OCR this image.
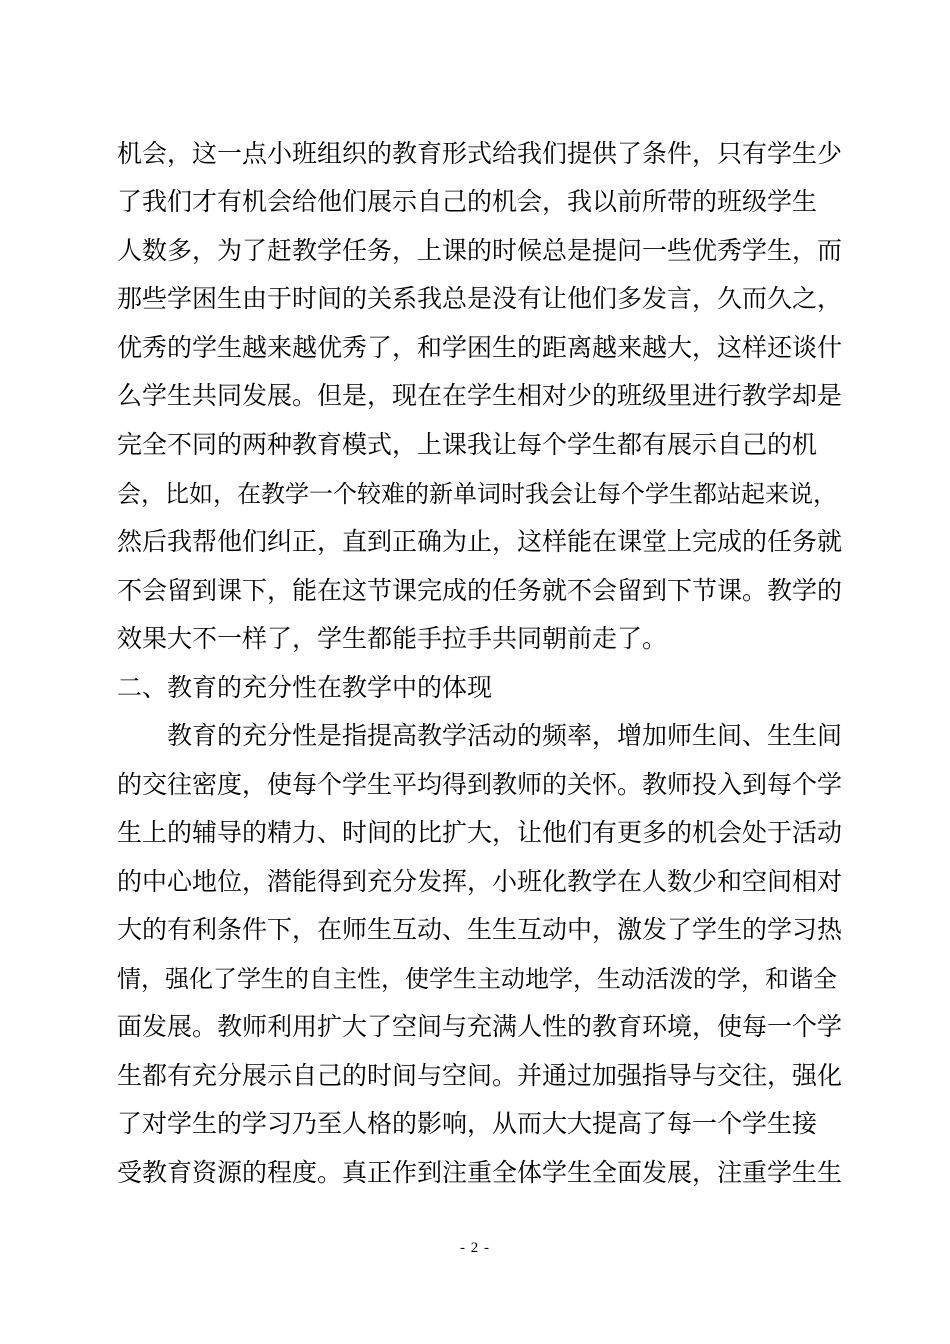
机会，这一点小班组织的教育形式给我们提供了条件，只有学生少
了我们才有机会给他们展示自己的机会，我以前所带的班级学生
人数多，为了赶教学任务，上课的时候总是提问一些优秀学生，而
那些学困生由于时间的关系我总是没有让他们多发言，久而久之，
优秀的学生越来越优秀了，和学困生的距离越来越大，这样还谈什
么学生共同发展。但是，现在在学生相对少的班级里进行教学却是
完全不同的两种教育模式，上课我让每个学生都有展示自己的机
会，比如，在教学一个较难的新单词时我会让每个学生都站起来说，
然后我帮他们纠正，直到正确为止，这样能在课堂上完成的任务就
不会留到课下，能在这节课完成的任务就不会留到下节课。教学的
效果大不一样了，学生都能手拉手共同朝前走了。
二、教育的充分性在教学中的体现
教育的充分性是指提高教学活动的频率，增加师生间、生生间
的交往密度，使每个学生平均得到教师的关怀。教师投入到每个学
生上的辅导的精力、时间的比扩大，让他们有更多的机会处于活动
的中心地位，潜能得到充分发挥，小班化教学在人数少和空间相对
大的有利条件下，在师生互动、生生互动中，激发了学生的学习热
情，强化了学生的自主性，使学生主动地学，生动活泼的学，和谐全
面发展。教师利用扩大了空间与充满人性的教育环境，使每一个学
生都有充分展示自己的时间与空间。并通过加强指导与交往，强化
了对学生的学习乃至人格的影响，从而大大提高了每一个学生接
受教育资源的程度。真正作到注重全体学生全面发展，注重学生生
- 2 -
